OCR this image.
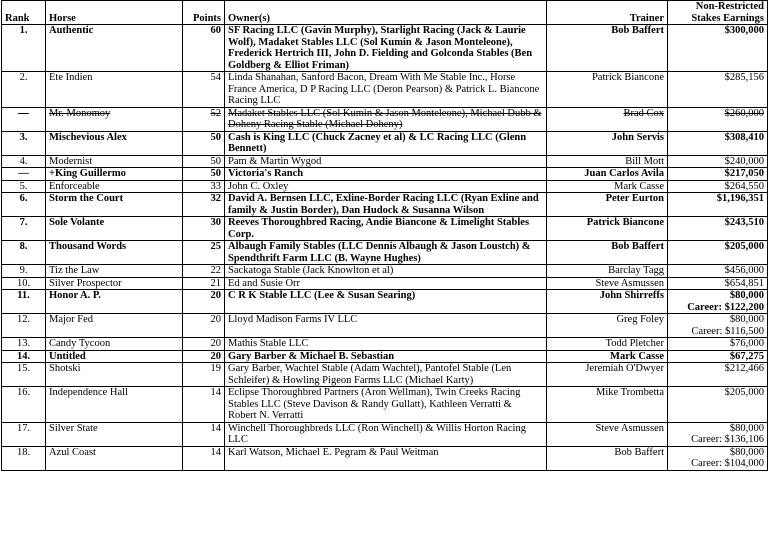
Rank	Horse	Points	Owner(s)	Trainer	Non-Restricted Stakes Earnings
1.	Authentic	60	SF Racing LLC (Gavin Murphy), Starlight Racing (Jack & Laurie Wolf), Madaket Stables LLC (Sol Kumin & Jason Monteleone), Frederick Hertrich III, John D. Fielding and Golconda Stables (Ben Goldberg & Elliot Friman)	Bob Baffert	$300,000
2.	Ete Indien	54	Linda Shanahan, Sanford Bacon, Dream With Me Stable Inc., Horse France America, D P Racing LLC (Deron Pearson) & Patrick L. Biancone Racing LLC	Patrick Biancone	$285,156
—	Mr. Monomoy	52	Madaket Stables LLC (Sol Kumin & Jason Monteleone), Michael Dubb & Doheny Racing Stable (Michael Doheny)	Brad Cox	$260,000
3.	Mischevious Alex	50	Cash is King LLC (Chuck Zacney et al) & LC Racing LLC (Glenn Bennett)	John Servis	$308,410
4.	Modernist	50	Pam & Martin Wygod	Bill Mott	$240,000
—	+King Guillermo	50	Victoria's Ranch	Juan Carlos Avila	$217,050
5.	Enforceable	33	John C. Oxley	Mark Casse	$264,550
6.	Storm the Court	32	David A. Bernsen LLC, Exline-Border Racing LLC (Ryan Exline and family & Justin Border), Dan Hudock & Susanna Wilson	Peter Eurton	$1,196,351
7.	Sole Volante	30	Reeves Thoroughbred Racing, Andie Biancone & Limelight Stables Corp.	Patrick Biancone	$243,510
8.	Thousand Words	25	Albaugh Family Stables (LLC Dennis Albaugh & Jason Loustch) & Spendthrift Farm LLC (B. Wayne Hughes)	Bob Baffert	$205,000
9.	Tiz the Law	22	Sackatoga Stable (Jack Knowlton et al)	Barclay Tagg	$456,000
10.	Silver Prospector	21	Ed and Susie Orr	Steve Asmussen	$654,851
11.	Honor A. P.	20	C R K Stable LLC (Lee & Susan Searing)	John Shirreffs	$80,000
Career: $122,200

12.	Major Fed	20	Lloyd Madison Farms IV LLC	Greg Foley	$80,000
Career: $116,500

13.	Candy Tycoon	20	Mathis Stable LLC	Todd Pletcher	$76,000
14.	Untitled	20	Gary Barber & Michael B. Sebastian	Mark Casse	$67,275
15.	Shotski	19	Gary Barber, Wachtel Stable (Adam Wachtel), Pantofel Stable (Len Schleifer) & Howling Pigeon Farms LLC (Michael Karty)	Jeremiah O'Dwyer	$212,466
16.	Independence Hall	14	Eclipse Thoroughbred Partners (Aron Wellman), Twin Creeks Racing Stables LLC (Steve Davison & Randy Gullatt), Kathleen Verratti & Robert N. Verratti	Mike Trombetta	$205,000
17.	Silver State	14	Winchell Thoroughbreds LLC (Ron Winchell) & Willis Horton Racing LLC	Steve Asmussen	$80,000
Career: $136,106

18.	Azul Coast	14	Karl Watson, Michael E. Pegram & Paul Weitman	Bob Baffert	$80,000
Career: $104,000
